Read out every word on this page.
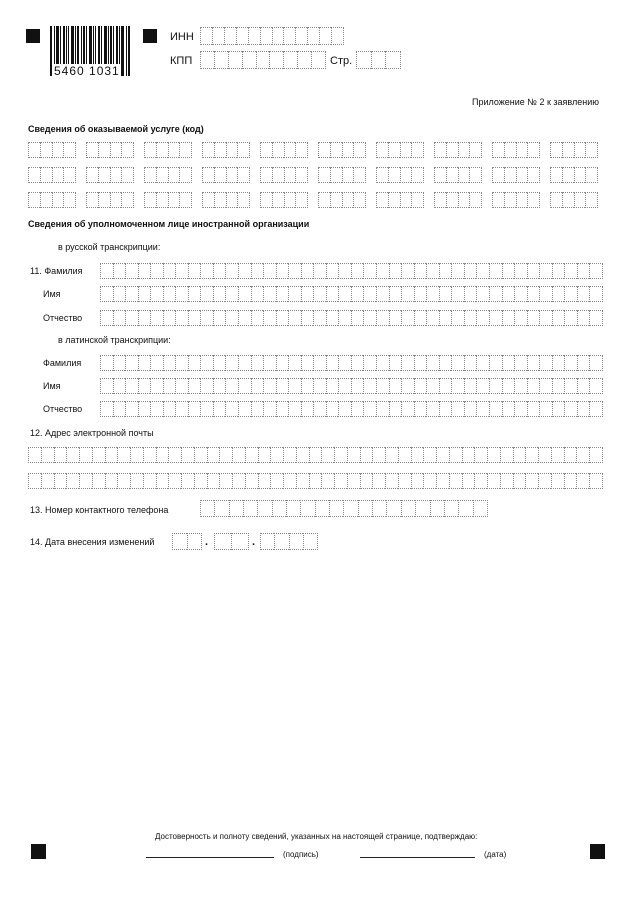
5460 1031
ИНН
КПП	Стр.
Приложение № 2 к заявлению
Сведения об оказываемой услуге (код)
Сведения об уполномоченном лице иностранной организации
в русской транскрипции:
11. Фамилия
Имя
Отчество
в латинской транскрипции:
Фамилия
Имя
Отчество
12. Адрес электронной почты
13. Номер контактного телефона
14. Дата внесения изменений	.	.
Достоверность и полноту сведений, указанных на настоящей странице, подтверждаю:
(подпись)	(дата)
